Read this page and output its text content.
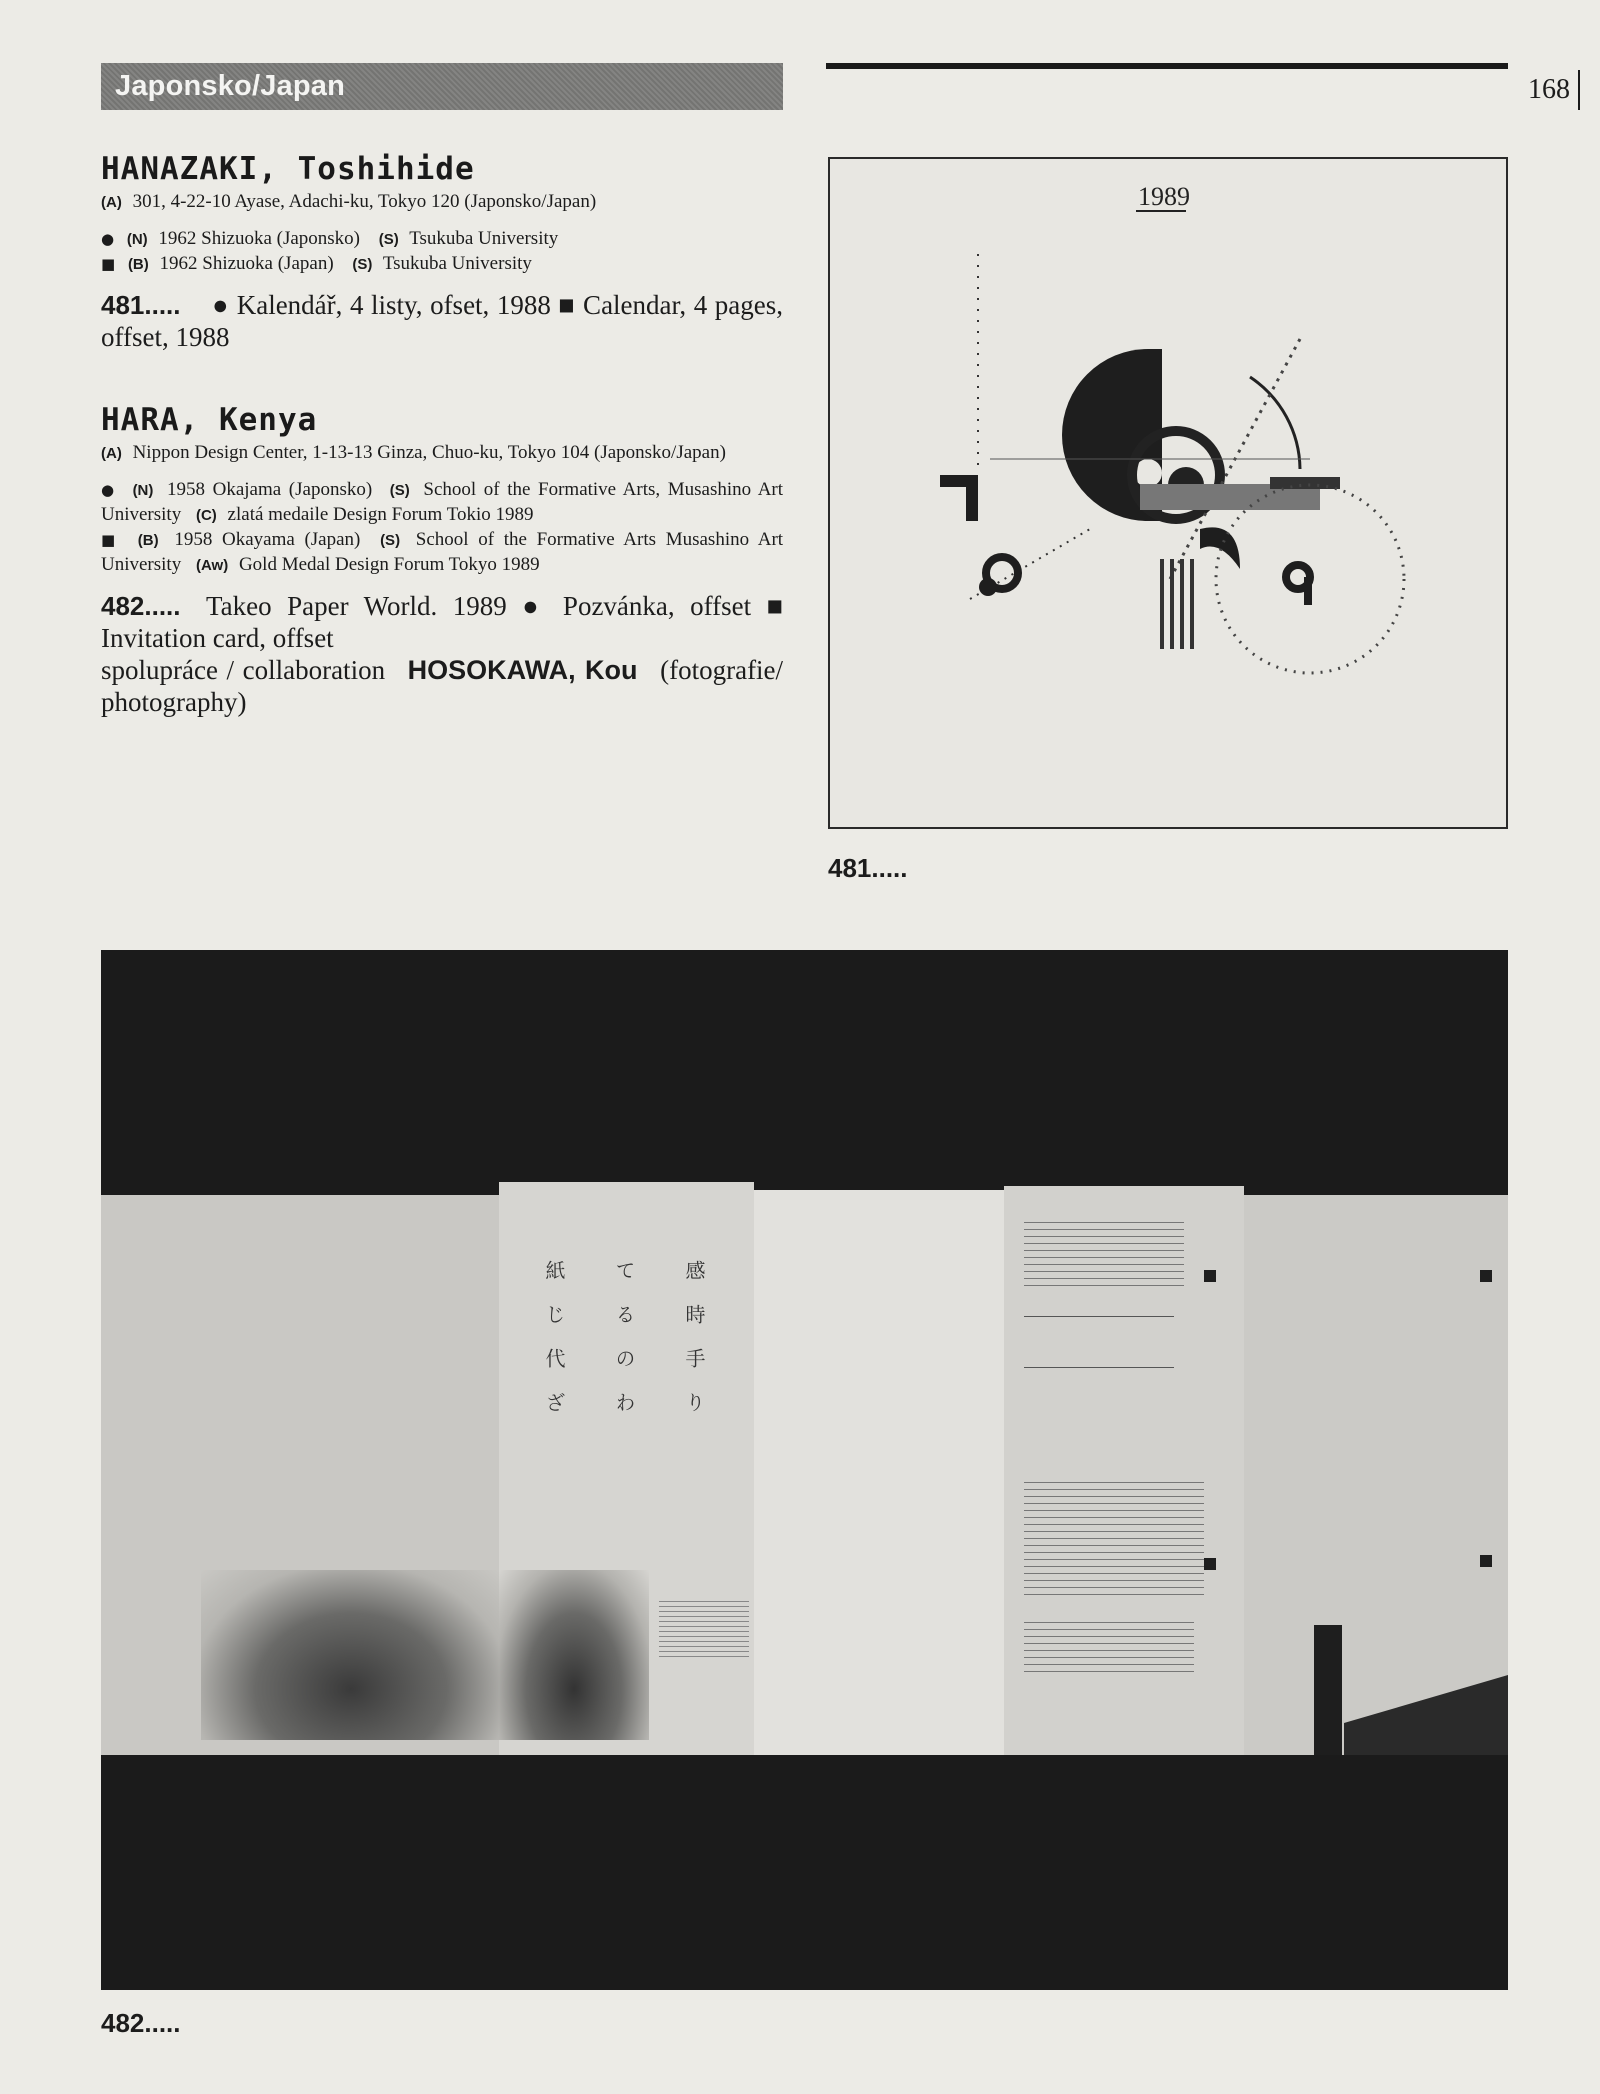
Japonsko/Japan	168
HANAZAKI, Toshihide
(A) 301, 4-22-10 Ayase, Adachi-ku, Tokyo 120 (Japonsko/Japan)
● (N) 1962 Shizuoka (Japonsko) (S) Tsukuba University
■ (B) 1962 Shizuoka (Japan) (S) Tsukuba University
481..... ● Kalendář, 4 listy, ofset, 1988 ■ Calendar, 4 pages, offset, 1988
HARA, Kenya
(A) Nippon Design Center, 1-13-13 Ginza, Chuo-ku, Tokyo 104 (Japonsko/Japan)
● (N) 1958 Okajama (Japonsko) (S) School of the Formative Arts, Musashino Art University (C) zlatá medaile Design Forum Tokio 1989
■ (B) 1958 Okayama (Japan) (S) School of the Formative Arts Musashino Art University (Aw) Gold Medal Design Forum Tokyo 1989
482..... Takeo Paper World. 1989 ● Pozvánka, offset ■ Invitation card, offset
spolupráce / collaboration HOSOKAWA, Kou (fotografie/ photography)
1989
481.....
紙じ代ざ	てるのわ	感時手り
482.....
